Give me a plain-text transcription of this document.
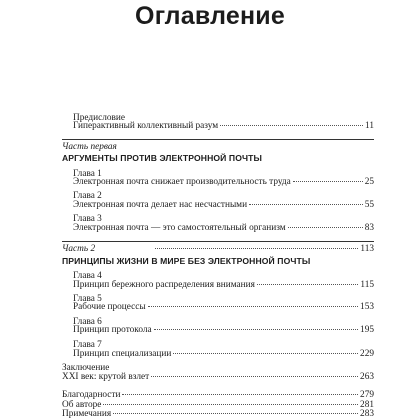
Оглавление
Предисловие
Гиперактивный коллективный разум	11
Часть первая
АРГУМЕНТЫ ПРОТИВ ЭЛЕКТРОННОЙ ПОЧТЫ
Глава 1
Электронная почта снижает производительность труда	25
Глава 2
Электронная почта делает нас несчастными	55
Глава 3
Электронная почта — это самостоятельный организм	83
Часть 2	113
ПРИНЦИПЫ ЖИЗНИ В МИРЕ БЕЗ ЭЛЕКТРОННОЙ ПОЧТЫ
Глава 4
Принцип бережного распределения внимания	115
Глава 5
Рабочие процессы	153
Глава 6
Принцип протокола	195
Глава 7
Принцип специализации	229
Заключение
XXI век: крутой взлет	263
Благодарности	279
Об авторе	281
Примечания	283
